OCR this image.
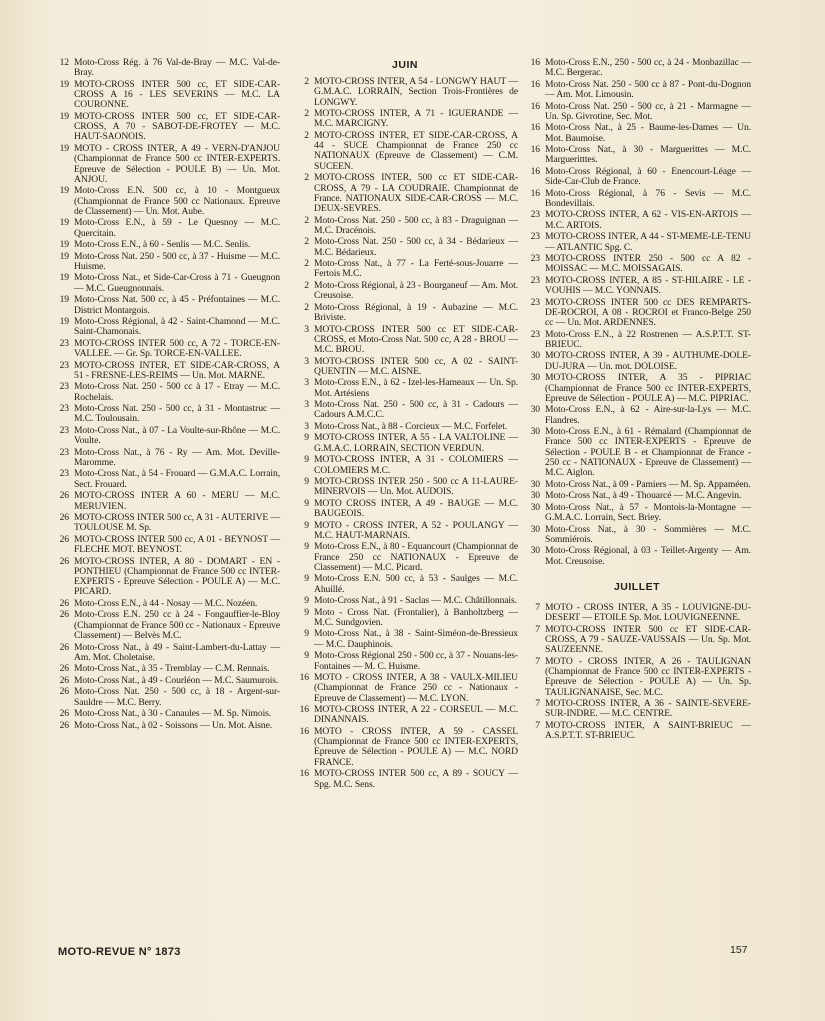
12 Moto-Cross Rég. à 76 Val-de-Bray — M.C. Val-de-Bray.
19 MOTO-CROSS INTER 500 cc, ET SIDE-CAR-CROSS A 16 - LES SEVERINS — M.C. LA COURONNE.
19 MOTO-CROSS INTER 500 cc, ET SIDE-CAR-CROSS, A 70 - SABOT-DE-FROTEY — M.C. HAUT-SAONOIS.
19 MOTO - CROSS INTER, A 49 - VERN-D'ANJOU (Championnat de France 500 cc INTER-EXPERTS. Epreuve de Sélection - POULE B) — Un. Mot. ANJOU.
19 Moto-Cross E.N. 500 cc, à 10 - Montgueux (Championnat de France 500 cc Nationaux. Epreuve de Classement) — Un. Mot. Aube.
19 Moto-Cross E.N., à 59 - Le Quesnoy — M.C. Quercitain.
19 Moto-Cross E.N., à 60 - Senlis — M.C. Senlis.
19 Moto-Cross Nat. 250 - 500 cc, à 37 - Huisme — M.C. Huisme.
19 Moto-Cross Nat., et Side-Car-Cross à 71 - Gueugnon — M.C. Gueugnonnais.
19 Moto-Cross Nat. 500 cc, à 45 - Préfontaines — M.C. District Montargois.
19 Moto-Cross Régional, à 42 - Saint-Chamond — M.C. Saint-Chamonais.
23 MOTO-CROSS INTER 500 cc, A 72 - TORCE-EN-VALLEE. — Gr. Sp. TORCE-EN-VALLEE.
23 MOTO-CROSS INTER, ET SIDE-CAR-CROSS, A 51 - FRESNE-LES-REIMS — Un. Mot. MARNE.
23 Moto-Cross Nat. 250 - 500 cc à 17 - Etray — M.C. Rochelais.
23 Moto-Cross Nat. 250 - 500 cc, à 31 - Montastruc — M.C. Toulousain.
23 Moto-Cross Nat., à 07 - La Voulte-sur-Rhône — M.C. Voulte.
23 Moto-Cross Nat., à 76 - Ry — Am. Mot. Deville-Maromme.
23 Moto-Cross Nat., à 54 - Frouard — G.M.A.C. Lorrain, Sect. Frouard.
26 MOTO-CROSS INTER A 60 - MERU — M.C. MERUVIEN.
26 MOTO-CROSS INTER 500 cc, A 31 - AUTERIVE — TOULOUSE M. Sp.
26 MOTO-CROSS INTER 500 cc, A 01 - BEYNOST — FLECHE MOT. BEYNOST.
26 MOTO-CROSS INTER, A 80 - DOMART - EN - PONTHIEU (Championnat de France 500 cc INTER-EXPERTS - Epreuve Sélection - POULE A) — M.C. PICARD.
26 Moto-Cross E.N., à 44 - Nosay — M.C. Nozéen.
26 Moto-Cross E.N. 250 cc à 24 - Fongauffier-le-Bloy (Championnat de France 500 cc - Nationaux - Epreuve Classement) — Belvès M.C.
26 Moto-Cross Nat., à 49 - Saint-Lambert-du-Lattay — Am. Mot. Choletaise.
26 Moto-Cross Nat., à 35 - Tremblay — C.M. Rennais.
26 Moto-Cross Nat., à 49 - Courléon — M.C. Saumurois.
26 Moto-Cross Nat. 250 - 500 cc, à 18 - Argent-sur-Sauldre — M.C. Berry.
26 Moto-Cross Nat., à 30 - Canaules — M. Sp. Nimois.
26 Moto-Cross Nat., à 02 - Soissons — Un. Mot. Aisne.
JUIN
2 MOTO-CROSS INTER, A 54 - LONGWY HAUT — G.M.A.C. LORRAIN, Section Trois-Frontières de LONGWY.
2 MOTO-CROSS INTER, A 71 - IGUERANDE — M.C. MARCIGNY.
2 MOTO-CROSS INTER, ET SIDE-CAR-CROSS, A 44 - SUCE Championnat de France 250 cc NATIONAUX (Epreuve de Classement) — C.M. SUCEEN.
2 MOTO-CROSS INTER, 500 cc ET SIDE-CAR-CROSS, A 79 - LA COUDRAIE. Championnat de France. NATIONAUX SIDE-CAR-CROSS — M.C. DEUX-SEVRES.
2 Moto-Cross Nat. 250 - 500 cc, à 83 - Draguignan — M.C. Dracénois.
2 Moto-Cross Nat. 250 - 500 cc, à 34 - Bédarieux — M.C. Bédarieux.
2 Moto-Cross Nat., à 77 - La Ferté-sous-Jouarre — Fertois M.C.
2 Moto-Cross Régional, à 23 - Bourganeuf — Am. Mot. Creusoise.
2 Moto-Cross Régional, à 19 - Aubazine — M.C. Briviste.
3 MOTO-CROSS INTER 500 cc ET SIDE-CAR-CROSS, et Moto-Cross Nat. 500 cc, A 28 - BROU — M.C. BROU.
3 MOTO-CROSS INTER 500 cc, A 02 - SAINT-QUENTIN — M.C. AISNE.
3 Moto-Cross E.N., à 62 - Izel-les-Hameaux — Un. Sp. Mot. Artésiens
3 Moto-Cross Nat. 250 - 500 cc, à 31 - Cadours — Cadours A.M.C.C.
3 Moto-Cross Nat., à 88 - Corcieux — M.C. Forfelet.
9 MOTO-CROSS INTER, A 55 - LA VALTOLINE — G.M.A.C. LORRAIN, SECTION VERDUN.
9 MOTO-CROSS INTER, A 31 - COLOMIERS — COLOMIERS M.C.
9 MOTO-CROSS INTER 250 - 500 cc A 11-LAURE-MINERVOIS — Un. Mot. AUDOIS.
9 MOTO CROSS INTER, A 49 - BAUGE — M.C. BAUGEOIS.
9 MOTO - CROSS INTER, A 52 - POULANGY — M.C. HAUT-MARNAIS.
9 Moto-Cross E.N., à 80 - Equancourt (Championnat de France 250 cc NATIONAUX - Epreuve de Classement) — M.C. Picard.
9 Moto-Cross E.N. 500 cc, à 53 - Saulges — M.C. Ahuillé.
9 Moto-Cross Nat., à 91 - Saclas — M.C. Châtillonnais.
9 Moto - Cross Nat. (Frontalier), à Banholtzberg — M.C. Sundgovien.
9 Moto-Cross Nat., à 38 - Saint-Siméon-de-Bressieux — M.C. Dauphinois.
9 Moto-Cross Régional 250 - 500 cc, à 37 - Nouans-les-Fontaines — M. C. Huisme.
16 MOTO - CROSS INTER, A 38 - VAULX-MILIEU (Championnat de France 250 cc - Nationaux - Epreuve de Classement) — M.C. LYON.
16 MOTO-CROSS INTER, A 22 - CORSEUL — M.C. DINANNAIS.
16 MOTO - CROSS INTER, A 59 - CASSEL (Championnat de France 500 cc INTER-EXPERTS, Epreuve de Sélection - POULE A) — M.C. NORD FRANCE.
16 MOTO-CROSS INTER 500 cc, A 89 - SOUCY — Spg. M.C. Sens.
16 Moto-Cross E.N., 250 - 500 cc, à 24 - Monbazillac — M.C. Bergerac.
16 Moto-Cross Nat. 250 - 500 cc à 87 - Pont-du-Dognon — Am. Mot. Limousin.
16 Moto-Cross Nat. 250 - 500 cc, à 21 - Marmagne — Un. Sp. Givrotine, Sec. Mot.
16 Moto-Cross Nat., à 25 - Baume-les-Dames — Un. Mot. Baumoise.
16 Moto-Cross Nat., à 30 - Marguerittes — M.C. Margueritttes.
16 Moto-Cross Régional, à 60 - Enencourt-Léage — Side-Car-Club de France.
16 Moto-Cross Régional, à 76 - Sevis — M.C. Bondevillais.
23 MOTO-CROSS INTER, A 62 - VIS-EN-ARTOIS — M.C. ARTOIS.
23 MOTO-CROSS INTER, A 44 - ST-MEME-LE-TENU — ATLANTIC Spg. C.
23 MOTO-CROSS INTER 250 - 500 cc A 82 - MOISSAC — M.C. MOISSAGAIS.
23 MOTO-CROSS INTER, A 85 - ST-HILAIRE - LE - VOUHIS — M.C. YONNAIS.
23 MOTO-CROSS INTER 500 cc DES REMPARTS-DE-ROCROI, A 08 - ROCROI et Franco-Belge 250 cc — Un. Mot. ARDENNES.
23 Moto-Cross E.N., à 22 Rostrenen — A.S.P.T.T. ST-BRIEUC.
30 MOTO-CROSS INTER, A 39 - AUTHUME-DOLE-DU-JURA — Un. mot. DOLOISE.
30 MOTO-CROSS INTER, A 35 - PIPRIAC (Championnat de France 500 cc INTER-EXPERTS, Epreuve de Sélection - POULE A) — M.C. PIPRIAC.
30 Moto-Cross E.N., à 62 - Aire-sur-la-Lys — M.C. Flandres.
30 Moto-Cross E.N., à 61 - Rémalard (Championnat de France 500 cc INTER-EXPERTS - Epreuve de Sélection - POULE B - et Championnat de France - 250 cc - NATIONAUX - Epreuve de Classement) — M.C. Aiglon.
30 Moto-Cross Nat., à 09 - Pamiers — M. Sp. Appaméen.
30 Moto-Cross Nat., à 49 - Thouarcé — M.C. Angevin.
30 Moto-Cross Nat., à 57 - Montois-la-Montagne — G.M.A.C. Lorrain, Sect. Briey.
30 Moto-Cross Nat., à 30 - Sommières — M.C. Sommiérois.
30 Moto-Cross Régional, à 03 - Teillet-Argenty — Am. Mot. Creusoise.
JUILLET
7 MOTO - CROSS INTER, A 35 - LOUVIGNE-DU-DESERT — ETOILE Sp. Mot. LOUVIGNEENNE.
7 MOTO-CROSS INTER 500 cc ET SIDE-CAR-CROSS, A 79 - SAUZE-VAUSSAIS — Un. Sp. Mot. SAUZEENNE.
7 MOTO - CROSS INTER, A 26 - TAULIGNAN (Championnat de France 500 cc INTER-EXPERTS - Epreuve de Sélection - POULE A) — Un. Sp. TAULIGNANAISE, Sec. M.C.
7 MOTO-CROSS INTER, A 36 - SAINTE-SEVERE-SUR-INDRE. — M.C. CENTRE.
7 MOTO-CROSS INTER, A SAINT-BRIEUC — A.S.P.T.T. ST-BRIEUC.
MOTO-REVUE N° 1873	157
